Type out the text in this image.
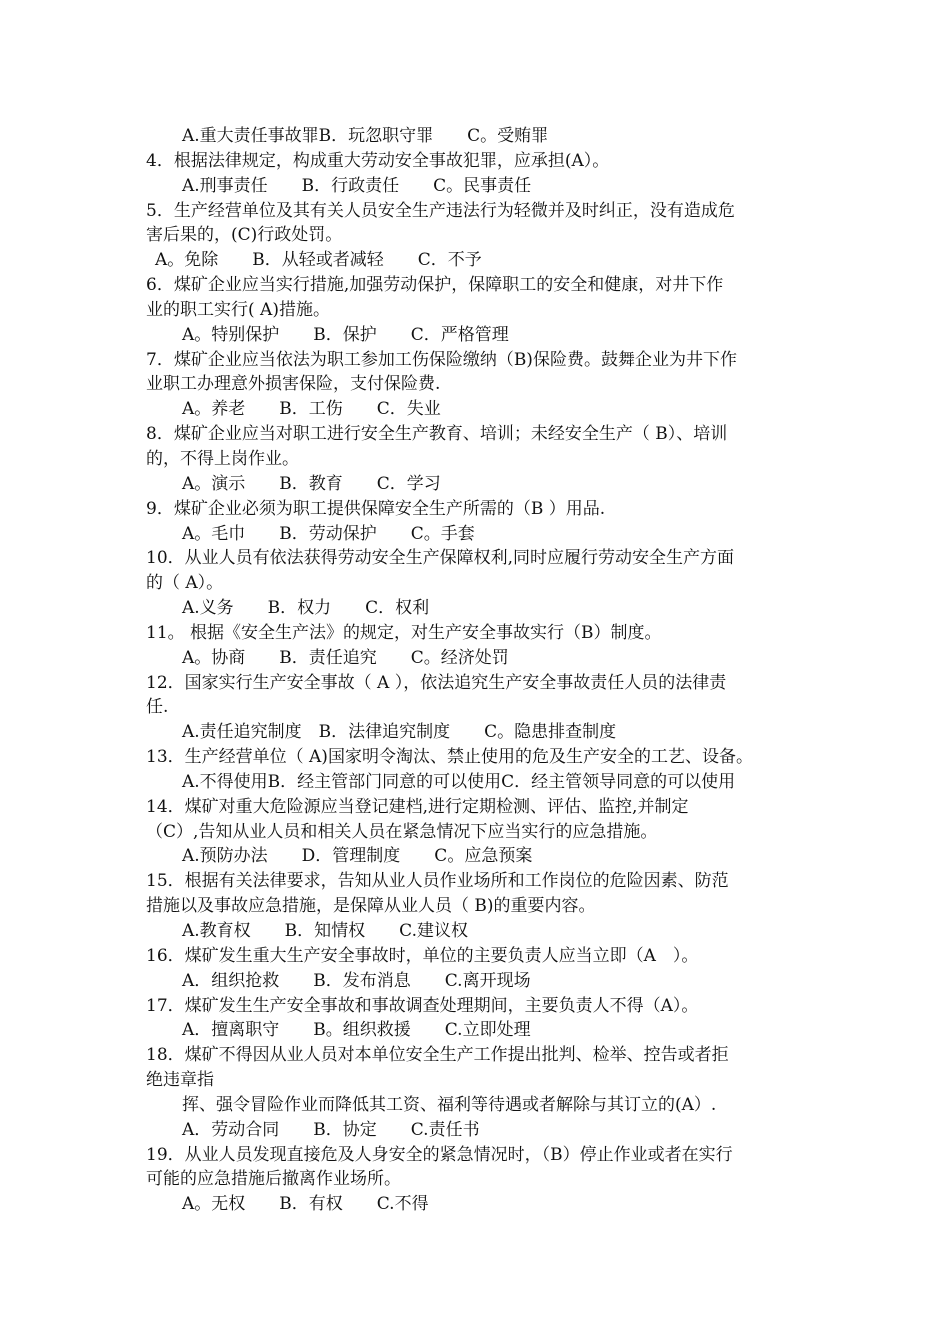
A.重大责任事故罪B．玩忽职守罪　　C。受贿罪
4．根据法律规定，构成重大劳动安全事故犯罪，应承担(A）。
A.刑事责任　　B．行政责任　　C。民事责任
5．生产经营单位及其有关人员安全生产违法行为轻微并及时纠正，没有造成危
害后果的，(C)行政处罚。
A。免除　　B．从轻或者减轻　　C．不予
6．煤矿企业应当实行措施,加强劳动保护，保障职工的安全和健康，对井下作
业的职工实行( A)措施。
A。特别保护　　B．保护　　C．严格管理
7．煤矿企业应当依法为职工参加工伤保险缴纳（B)保险费。鼓舞企业为井下作
业职工办理意外损害保险，支付保险费.
A。养老　　B．工伤　　C．失业
8．煤矿企业应当对职工进行安全生产教育、培训；未经安全生产（ B）、培训
的，不得上岗作业。
A。演示　　B．教育　　C．学习
9．煤矿企业必须为职工提供保障安全生产所需的（B ）用品.
A。毛巾　　B．劳动保护　　C。手套
10．从业人员有依法获得劳动安全生产保障权利,同时应履行劳动安全生产方面
的（ A）。
A.义务　　B．权力　　C．权利
11。 根据《安全生产法》的规定，对生产安全事故实行（B）制度。
A。协商　　B．责任追究　　C。经济处罚
12．国家实行生产安全事故（ A ），依法追究生产安全事故责任人员的法律责
任.
A.责任追究制度　B．法律追究制度　　C。隐患排查制度
13．生产经营单位（ A)国家明令淘汰、禁止使用的危及生产安全的工艺、设备。
A.不得使用B．经主管部门同意的可以使用C．经主管领导同意的可以使用
14．煤矿对重大危险源应当登记建档,进行定期检测、评估、监控,并制定
（C）,告知从业人员和相关人员在紧急情况下应当实行的应急措施。
A.预防办法　　D．管理制度　　C。应急预案
15．根据有关法律要求，告知从业人员作业场所和工作岗位的危险因素、防范
措施以及事故应急措施，是保障从业人员（ B)的重要内容。
A.教育权　　B．知情权　　C.建议权
16．煤矿发生重大生产安全事故时，单位的主要负责人应当立即（A　）。
A．组织抢救　　B．发布消息　　C.离开现场
17．煤矿发生生产安全事故和事故调查处理期间，主要负责人不得（A）。
A．擅离职守　　B。组织救援　　C.立即处理
18．煤矿不得因从业人员对本单位安全生产工作提出批判、检举、控告或者拒
绝违章指
挥、强令冒险作业而降低其工资、福利等待遇或者解除与其订立的(A）.
A．劳动合同　　B．协定　　C.责任书
19．从业人员发现直接危及人身安全的紧急情况时，（B）停止作业或者在实行
可能的应急措施后撤离作业场所。
A。无权　　B．有权　　C.不得
